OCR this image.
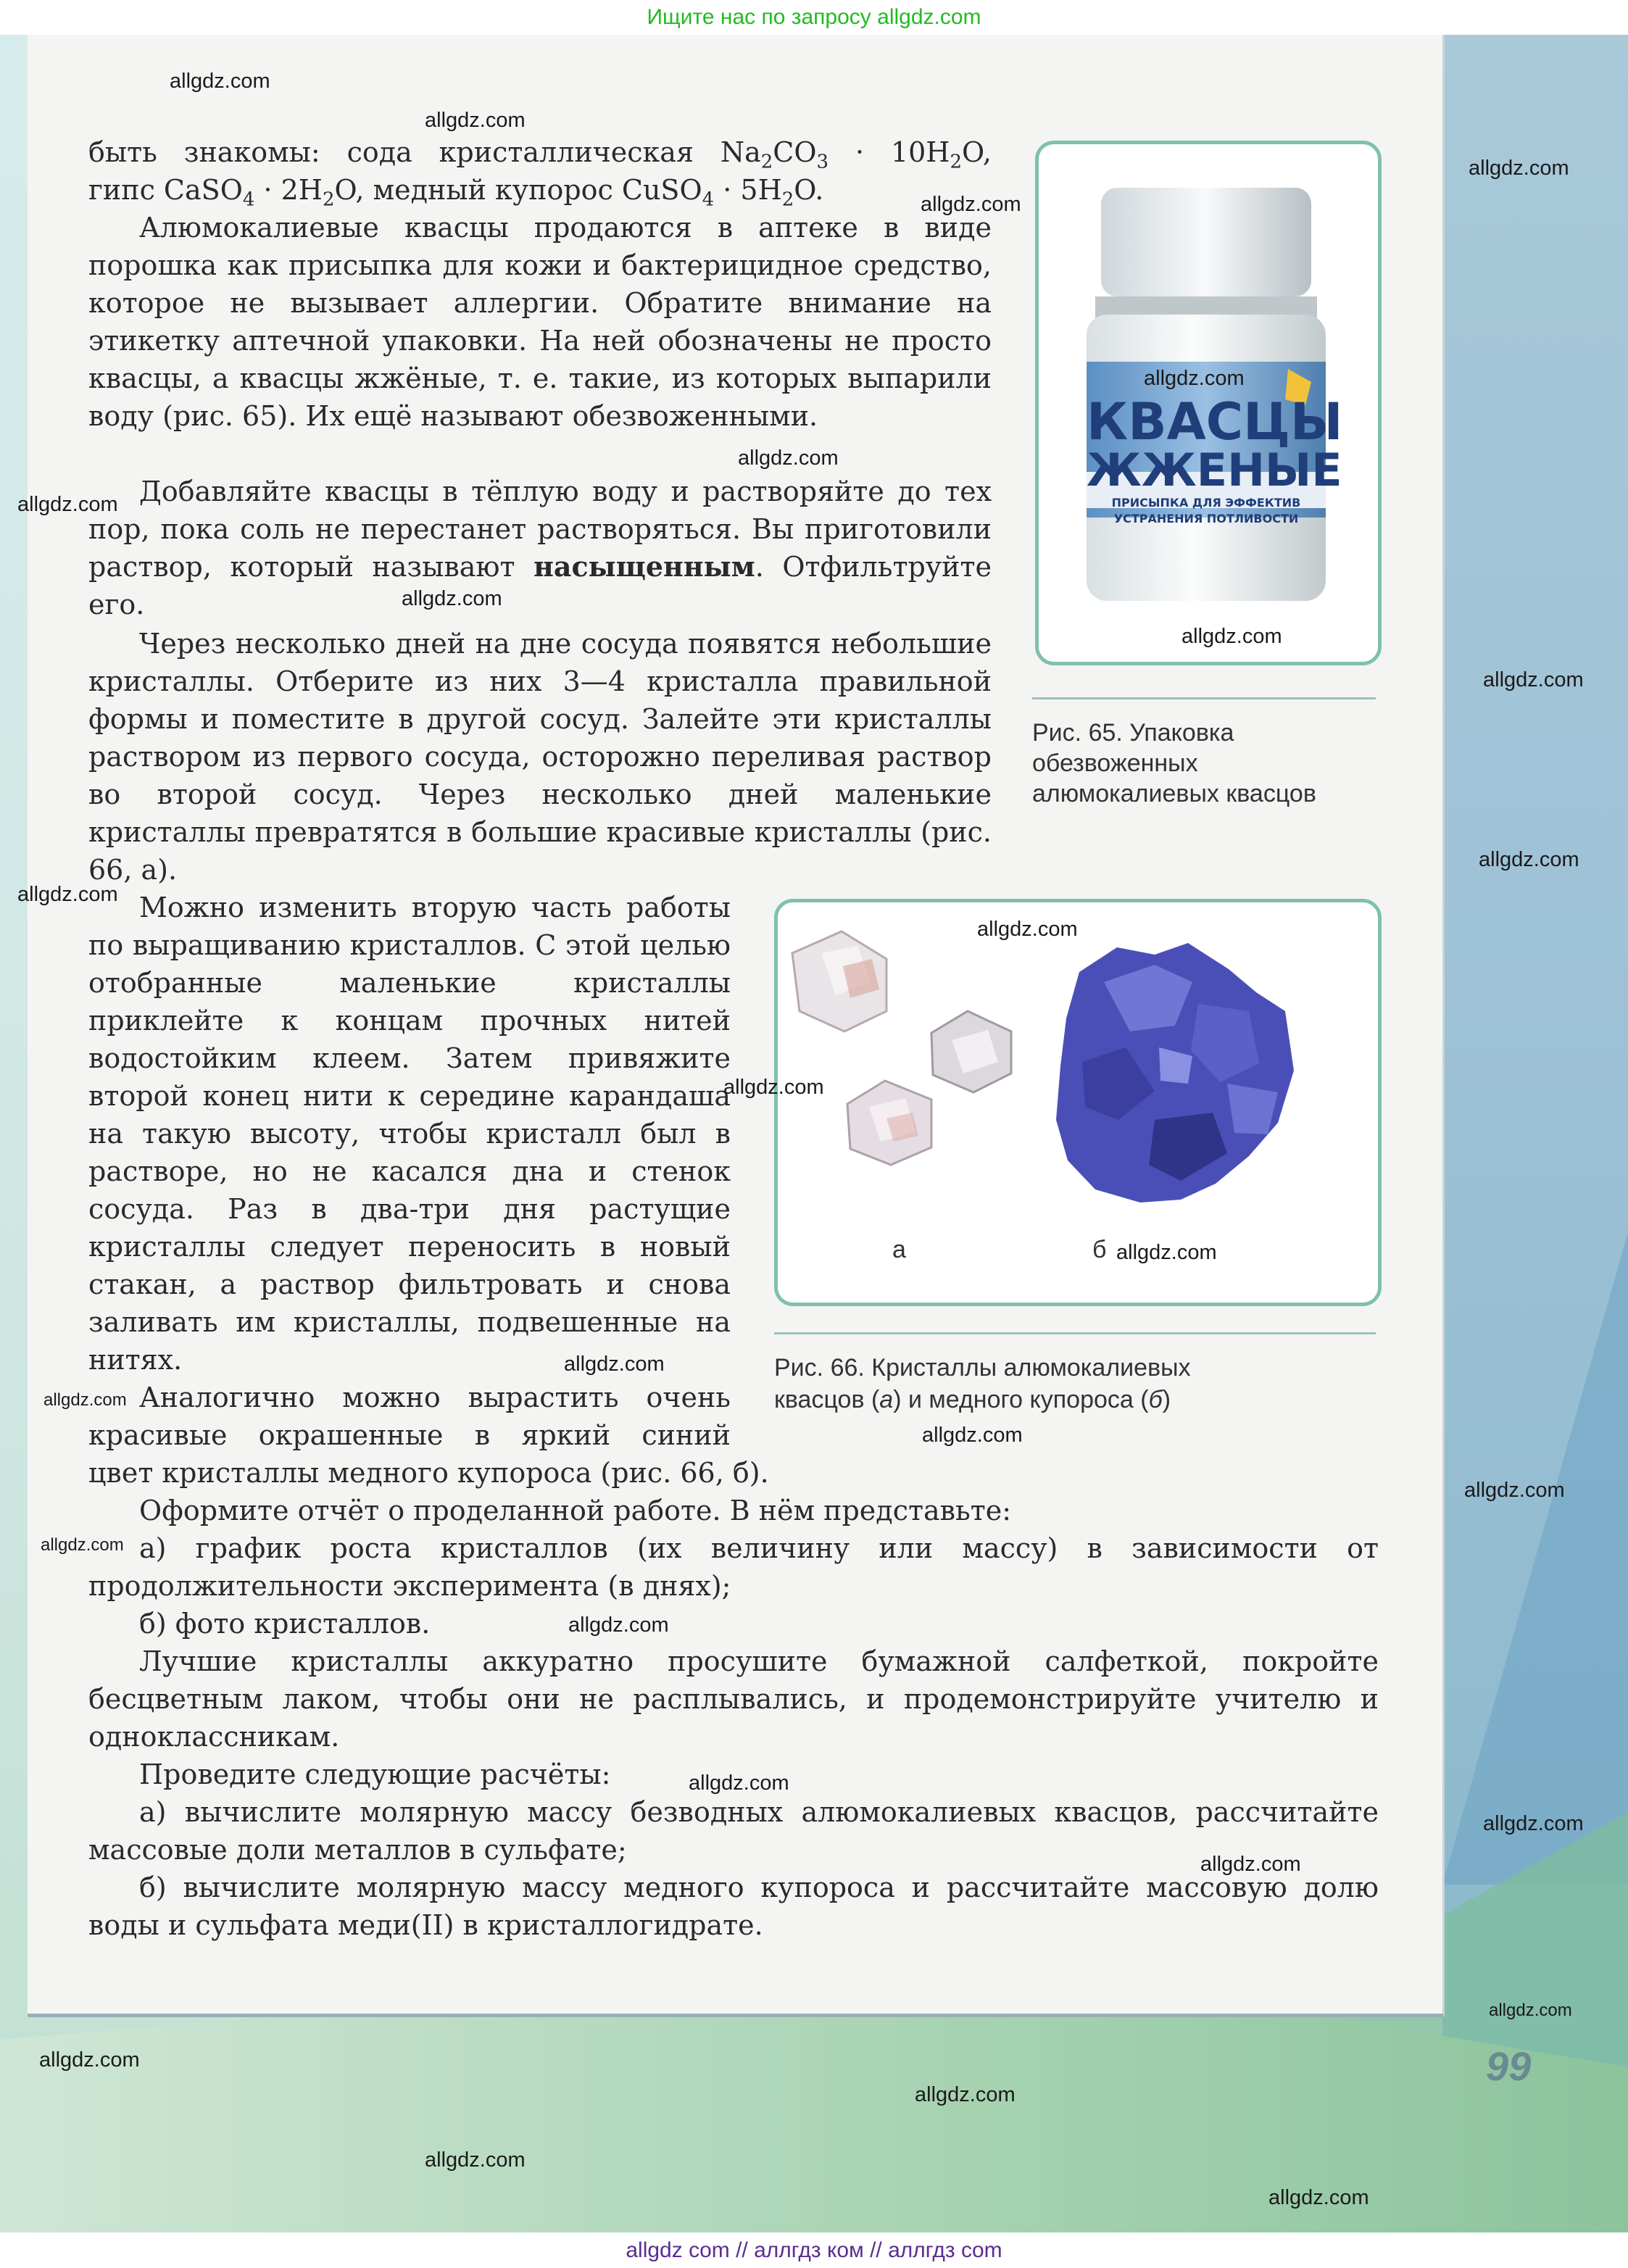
Ищите нас по запросу allgdz.com
быть знакомы: сода кристаллическая $Na_2CO_3 \cdot 10H_2O$,
гипс CaSO$_4$ · $2H_2O$, медный купорос CuSO$_4$ · $5H_2O$.
Алюмокалиевые квасцы продаются в аптеке в виде порошка как присыпка для кожи и бактерицидное средство, которое не вызывает аллергии. Обратите внимание на этикетку аптечной упаковки. На ней обозначены не просто квасцы, а квасцы жжёные, т. е. такие, из которых выпарили воду (рис. 65). Их ещё называют обезвоженными.
Добавляйте квасцы в тёплую воду и растворяйте до тех пор, пока соль не перестанет растворяться. Вы приготовили раствор, который называют насыщенным. Отфильтруйте его.
Через несколько дней на дне сосуда появятся небольшие кристаллы. Отберите из них 3—4 кристалла правильной формы и поместите в другой сосуд. Залейте эти кристаллы раствором из первого сосуда, осторожно переливая раствор во второй сосуд. Через несколько дней маленькие кристаллы превратятся в большие красивые кристаллы (рис. 66, а).
Можно изменить вторую часть работы по выращиванию кристаллов. С этой целью отобранные маленькие кристаллы приклейте к концам прочных нитей водостойким клеем. Затем привяжите второй конец нити к середине карандаша на такую высоту, чтобы кристалл был в растворе, но не касался дна и стенок сосуда. Раз в два-три дня растущие кристаллы следует переносить в новый стакан, а раствор фильтровать и снова заливать им кристаллы, подвешенные на нитях.
Аналогично можно вырастить очень красивые окрашенные в яркий синий
цвет кристаллы медного купороса (рис. 66, б).
Оформите отчёт о проделанной работе. В нём представьте:
а) график роста кристаллов (их величину или массу) в зависимости от продолжительности эксперимента (в днях);
б) фото кристаллов.
Лучшие кристаллы аккуратно просушите бумажной салфеткой, покройте бесцветным лаком, чтобы они не расплывались, и продемонстрируйте учителю и одноклассникам.
Проведите следующие расчёты:
а) вычислите молярную массу безводных алюмокалиевых квасцов, рассчитайте массовые доли металлов в сульфате;
б) вычислите молярную массу медного купороса и рассчитайте массовую долю воды и сульфата меди(II) в кристаллогидрате.
КВАСЦЫ
ЖЖЕНЫЕ
ПРИСЫПКА ДЛЯ ЭФФЕКТИВ
УСТРАНЕНИЯ ПОТЛИВОСТИ
Рис. 65. Упаковка
обезвоженных
алюмокалиевых квасцов
а	б
Рис. 66. Кристаллы алюмокалиевых
квасцов (а) и медного купороса (б)
99
allgdz.com
allgdz.com
allgdz.com
allgdz.com
allgdz.com
allgdz.com
allgdz.com
allgdz.com
allgdz.com
allgdz.com
allgdz.com
allgdz.com
allgdz.com
allgdz.com
allgdz.com
allgdz.com
allgdz.com
allgdz.com
allgdz.com
allgdz.com
allgdz.com
allgdz.com
allgdz.com
allgdz.com
allgdz.com
allgdz.com
allgdz.com
allgdz.com
allgdz.com
allgdz com // аллгдз ком // аллгдз com
